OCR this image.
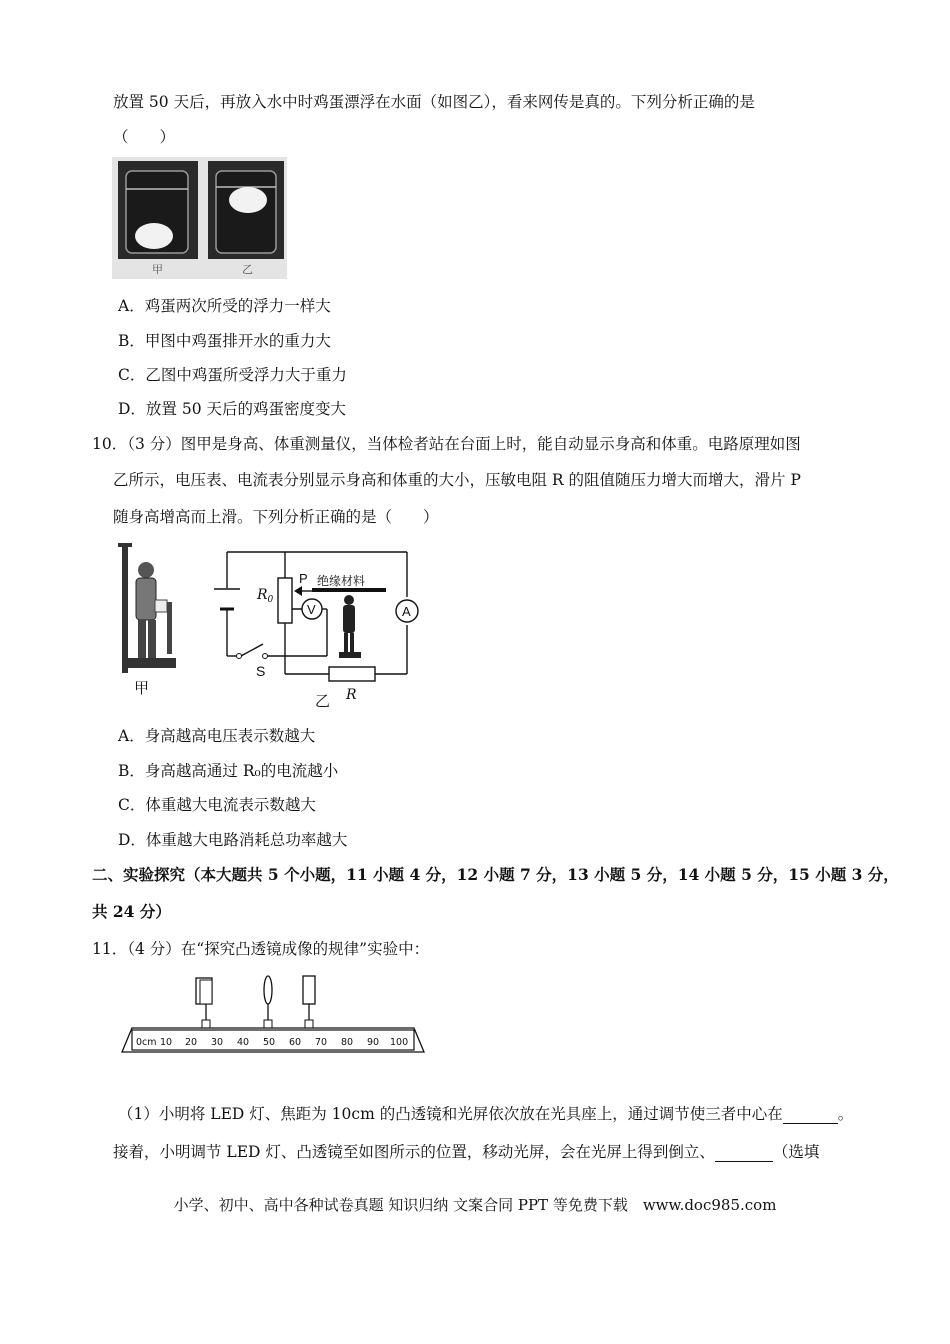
放置 50 天后，再放入水中时鸡蛋漂浮在水面（如图乙），看来网传是真的。下列分析正确的是
（　　）
甲	乙
A．鸡蛋两次所受的浮力一样大
B．甲图中鸡蛋排开水的重力大
C．乙图中鸡蛋所受浮力大于重力
D．放置 50 天后的鸡蛋密度变大
10．（3 分）图甲是身高、体重测量仪，当体检者站在台面上时，能自动显示身高和体重。电路原理如图
乙所示，电压表、电流表分别显示身高和体重的大小，压敏电阻 R 的阻值随压力增大而增大，滑片 P
随身高增高而上滑。下列分析正确的是（　　）
甲
S
$R_0$
P 绝缘材料
V	A
R
乙
A．身高越高电压表示数越大
B．身高越高通过 R₀的电流越小
C．体重越大电流表示数越大
D．体重越大电路消耗总功率越大
二、实验探究（本大题共 5 个小题，11 小题 4 分，12 小题 7 分，13 小题 5 分，14 小题 5 分，15 小题 3 分，
共 24 分）
11．（4 分）在“探究凸透镜成像的规律”实验中：
0cm 10 20 30 40 50 60 70 80 90 100
（1）小明将 LED 灯、焦距为 10cm 的凸透镜和光屏依次放在光具座上，通过调节使三者中心在	。
接着，小明调节 LED 灯、凸透镜至如图所示的位置，移动光屏，会在光屏上得到倒立、	（选填
小学、初中、高中各种试卷真题 知识归纳 文案合同 PPT 等免费下载　www.doc985.com
